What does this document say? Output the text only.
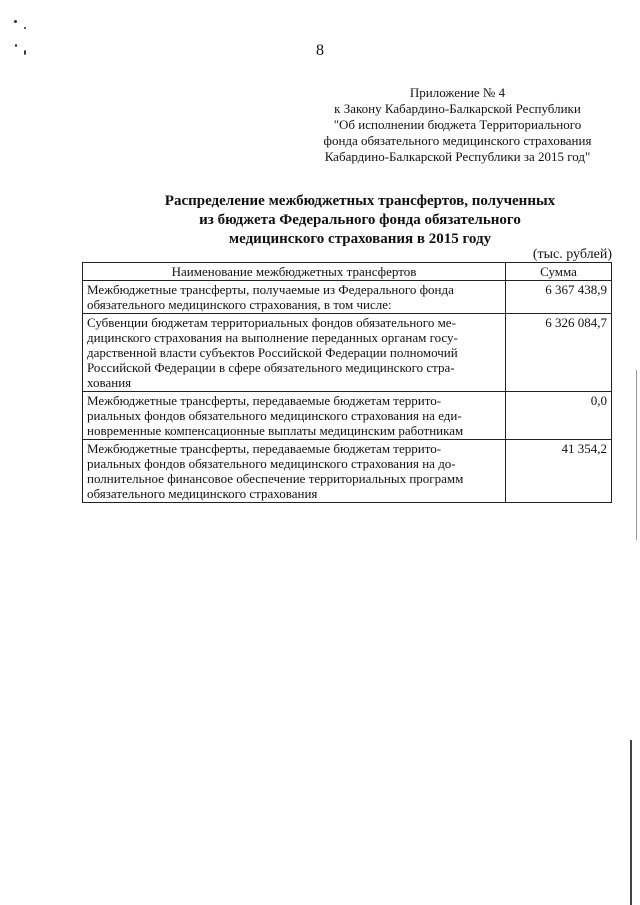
8
Приложение № 4
к Закону Кабардино-Балкарской Республики
"Об исполнении бюджета Территориального
фонда обязательного медицинского страхования
Кабардино-Балкарской Республики за 2015 год"
Распределение межбюджетных трансфертов, полученных
из бюджета Федерального фонда обязательного
медицинского страхования в 2015 году
(тыс. рублей)
Наименование межбюджетных трансфертов	Сумма

Межбюджетные трансферты, получаемые из Федерального фонда
обязательного медицинского страхования, в том числе:	6 367 438,9

Субвенции бюджетам территориальных фондов обязательного ме-
дицинского страхования на выполнение переданных органам госу-
дарственной власти субъектов Российской Федерации полномочий
Российской Федерации в сфере обязательного медицинского стра-
хования	6 326 084,7

Межбюджетные трансферты, передаваемые бюджетам террито-
риальных фондов обязательного медицинского страхования на еди-
новременные компенсационные выплаты медицинским работникам	0,0

Межбюджетные трансферты, передаваемые бюджетам террито-
риальных фондов обязательного медицинского страхования на до-
полнительное финансовое обеспечение территориальных программ
обязательного медицинского страхования	41 354,2
